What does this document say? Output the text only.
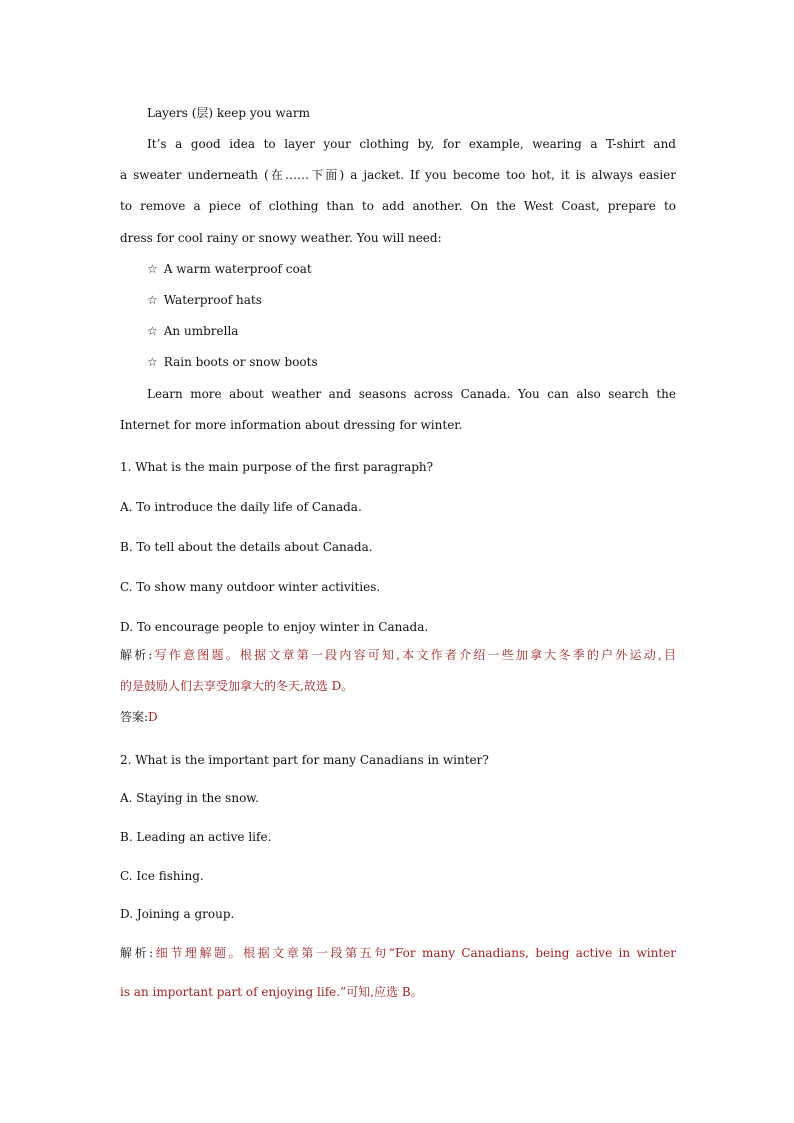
Layers (层) keep you warm
It’s a good idea to layer your clothing by, for example, wearing a T-shirt and
a sweater underneath (在……下面) a jacket. If you become too hot, it is always easier
to remove a piece of clothing than to add another. On the West Coast, prepare to
dress for cool rainy or snowy weather. You will need:
☆ A warm waterproof coat
☆ Waterproof hats
☆ An umbrella
☆ Rain boots or snow boots
Learn more about weather and seasons across Canada. You can also search the
Internet for more information about dressing for winter.
1. What is the main purpose of the first paragraph?
A. To introduce the daily life of Canada.
B. To tell about the details about Canada.
C. To show many outdoor winter activities.
D. To encourage people to enjoy winter in Canada.
解析:写作意图题。根据文章第一段内容可知,本文作者介绍一些加拿大冬季的户外运动,目
的是鼓励人们去享受加拿大的冬天,故选 D。
答案:D
2. What is the important part for many Canadians in winter?
A. Staying in the snow.
B. Leading an active life.
C. Ice fishing.
D. Joining a group.
解析:细节理解题。根据文章第一段第五句“For many Canadians, being active in winter
is an important part of enjoying life.”可知,应选 B。
